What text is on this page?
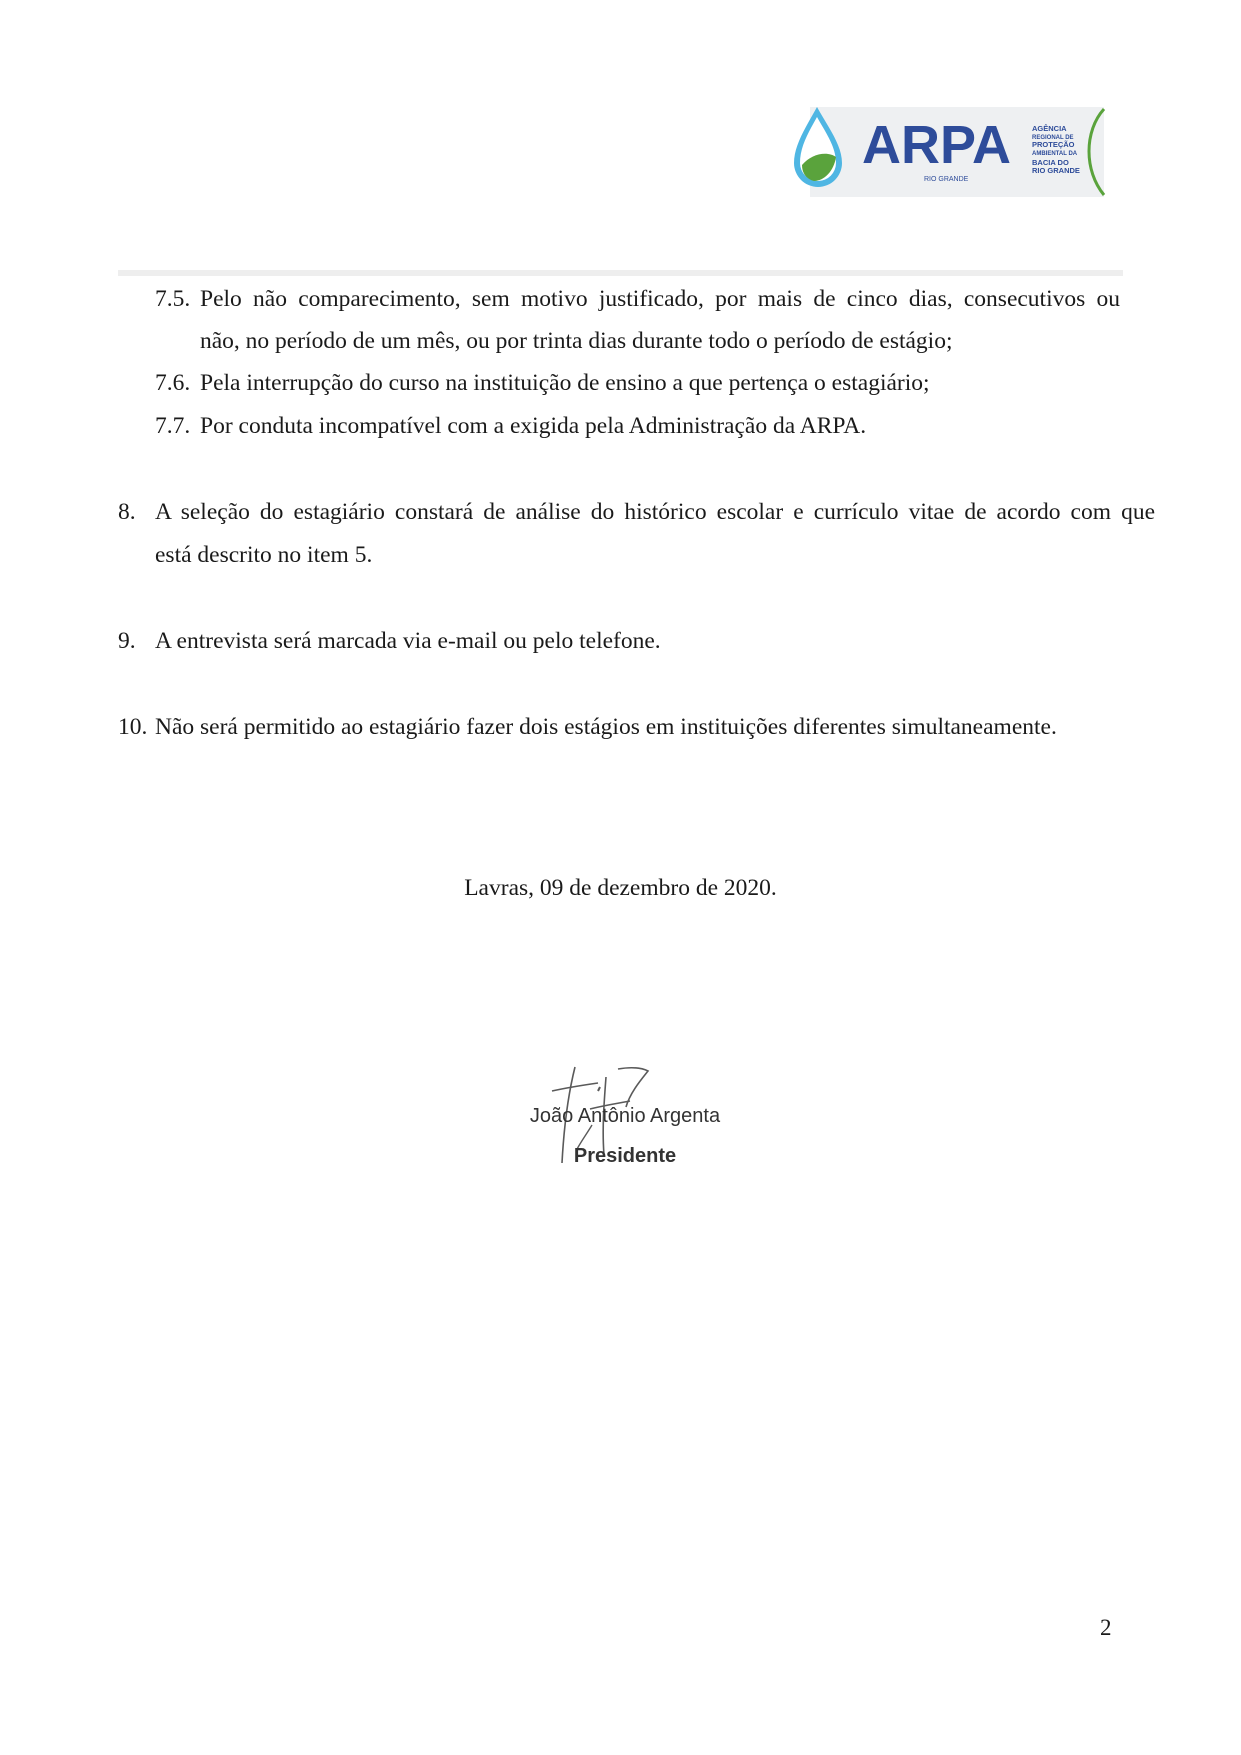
ARPA
RIO GRANDE
AGÊNCIA
REGIONAL DE
PROTEÇÃO
AMBIENTAL DA
BACIA DO
RIO GRANDE
7.5. Pelo não comparecimento, sem motivo justificado, por mais de cinco dias, consecutivos ou
não, no período de um mês, ou por trinta dias durante todo o período de estágio;
7.6. Pela interrupção do curso na instituição de ensino a que pertença o estagiário;
7.7. Por conduta incompatível com a exigida pela Administração da ARPA.
8. A seleção do estagiário constará de análise do histórico escolar e currículo vitae de acordo com que
está descrito no item 5.
9. A entrevista será marcada via e-mail ou pelo telefone.
10. Não será permitido ao estagiário fazer dois estágios em instituições diferentes simultaneamente.
Lavras, 09 de dezembro de 2020.
João Antônio Argenta
Presidente
2
